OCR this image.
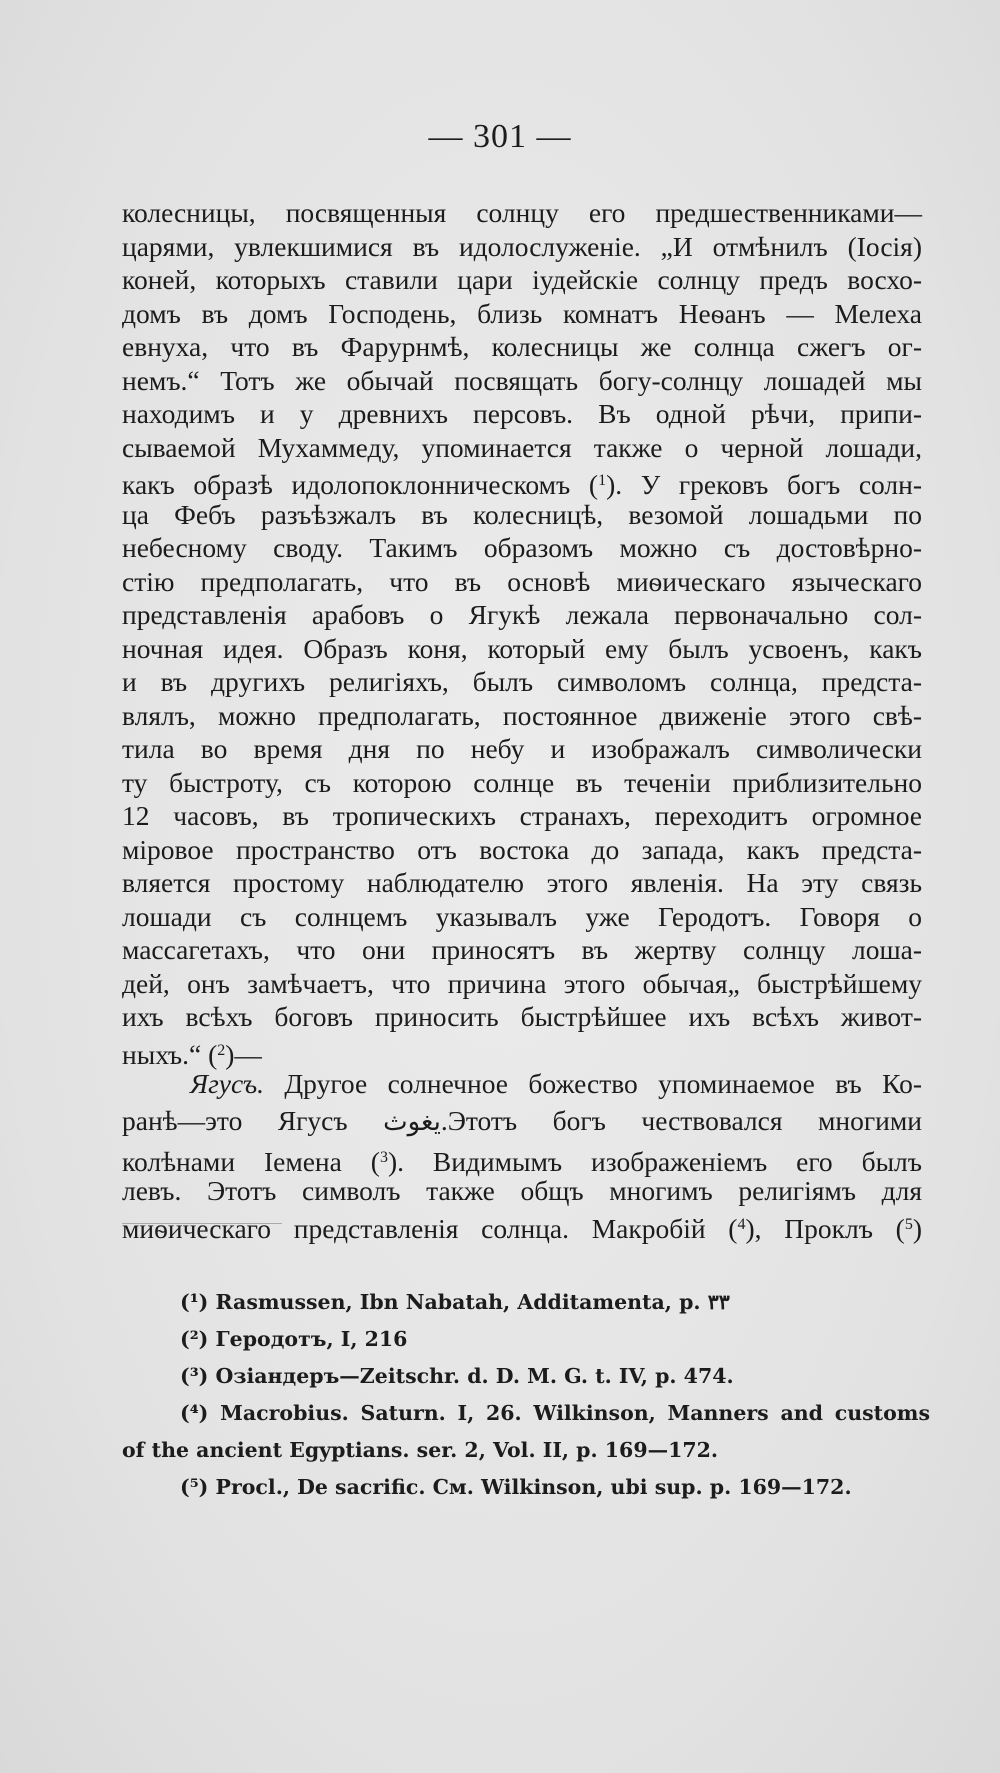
— 301 —
колесницы, посвященныя солнцу его предшественниками—
царями, увлекшимися въ идолослуженіе. „И отмѣнилъ (Іосія)
коней, которыхъ ставили цари іудейскіе солнцу предъ восхо-
домъ въ домъ Господень, близь комнатъ Неѳанъ — Мелеха
евнуха, что въ Фарурнмѣ, колесницы же солнца сжегъ ог-
немъ.“ Тотъ же обычай посвящать богу-солнцу лошадей мы
находимъ и у древнихъ персовъ. Въ одной рѣчи, припи-
сываемой Мухаммеду, упоминается также о черной лошади,
какъ образѣ идолопоклонническомъ ($^1$). У грековъ богъ солн-
ца Фебъ разъѣзжалъ въ колесницѣ, везомой лошадьми по
небесному своду. Такимъ образомъ можно съ достовѣрно-
стію предполагать, что въ основѣ миѳическаго языческаго
представленія арабовъ о Ягукѣ лежала первоначально сол-
ночная идея. Образъ коня, который ему былъ усвоенъ, какъ
и въ другихъ религіяхъ, былъ символомъ солнца, предста-
влялъ, можно предполагать, постоянное движеніе этого свѣ-
тила во время дня по небу и изображалъ символически
ту быстроту, съ которою солнце въ теченіи приблизительно
12 часовъ, въ тропическихъ странахъ, переходитъ огромное
міровое пространство отъ востока до запада, какъ предста-
вляется простому наблюдателю этого явленія. На эту связь
лошади съ солнцемъ указывалъ уже Геродотъ. Говоря о
массагетахъ, что они приносятъ въ жертву солнцу лоша-
дей, онъ замѣчаетъ, что причина этого обычая„ быстрѣйшему
ихъ всѣхъ боговъ приносить быстрѣйшее ихъ всѣхъ живот-
ныхъ.“ ($^2$)—
Ягусъ. Другое солнечное божество упоминаемое въ Ко-
ранѣ—это Ягусъ يغوث.Этотъ богъ чествовался многими
колѣнами Iемена ($^3$). Видимымъ изображеніемъ его былъ
левъ. Этотъ символъ также общъ многимъ религіямъ для
миѳическаго представленія солнца. Макробій ($^4$), Проклъ ($^5$)
(¹) Rasmussen, Ibn Nabatah, Additamenta, p. ٣٣
(²) Геродотъ, I, 216
(³) Озіандеръ—Zeitschr. d. D. M. G. t. IV, p. 474.
(⁴) Macrobius. Saturn. I, 26. Wilkinson, Manners and customs
of the ancient Egyptians. ser. 2, Vol. II, p. 169—172.
(⁵) Procl., De sacrific. См. Wilkinson, ubi sup. p. 169—172.
